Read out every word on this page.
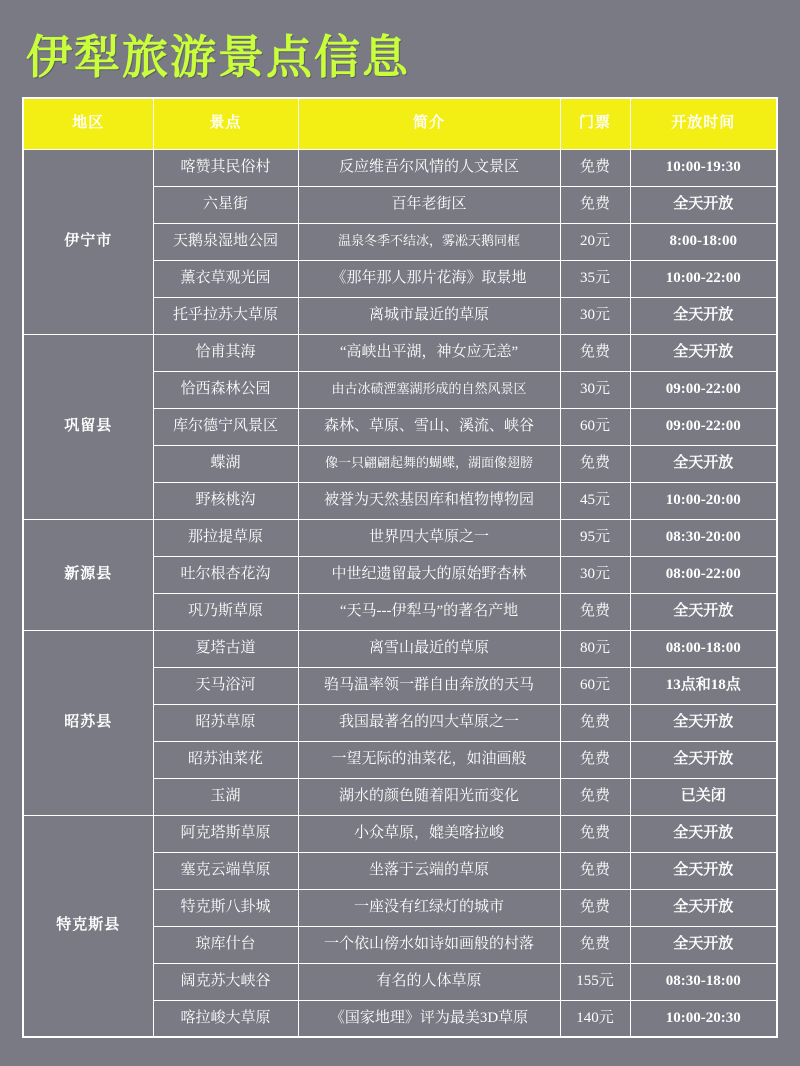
伊犁旅游景点信息
地区	景点	简介	门票	开放时间
伊宁市	喀赞其民俗村	反应维吾尔风情的人文景区	免费	10:00-19:30
	六星街	百年老街区	免费	全天开放
	天鹅泉湿地公园	温泉冬季不结冰，雾凇天鹅同框	20元	8:00-18:00
	薰衣草观光园	《那年那人那片花海》取景地	35元	10:00-22:00
	托乎拉苏大草原	离城市最近的草原	30元	全天开放
巩留县	恰甫其海	“高峡出平湖，神女应无恙”	免费	全天开放
	恰西森林公园	由古冰碛湮塞湖形成的自然风景区	30元	09:00-22:00
	库尔德宁风景区	森林、草原、雪山、溪流、峡谷	60元	09:00-22:00
	蝶湖	像一只翩翩起舞的蝴蝶，湖面像翅膀	免费	全天开放
	野核桃沟	被誉为天然基因库和植物博物园	45元	10:00-20:00
新源县	那拉提草原	世界四大草原之一	95元	08:30-20:00
	吐尔根杏花沟	中世纪遗留最大的原始野杏林	30元	08:00-22:00
	巩乃斯草原	“天马---伊犁马”的著名产地	免费	全天开放
昭苏县	夏塔古道	离雪山最近的草原	80元	08:00-18:00
	天马浴河	驺马温率领一群自由奔放的天马	60元	13点和18点
	昭苏草原	我国最著名的四大草原之一	免费	全天开放
	昭苏油菜花	一望无际的油菜花，如油画般	免费	全天开放
	玉湖	湖水的颜色随着阳光而变化	免费	已关闭
特克斯县	阿克塔斯草原	小众草原，媲美喀拉峻	免费	全天开放
	塞克云端草原	坐落于云端的草原	免费	全天开放
	特克斯八卦城	一座没有红绿灯的城市	免费	全天开放
	琼库什台	一个依山傍水如诗如画般的村落	免费	全天开放
	阔克苏大峡谷	有名的人体草原	155元	08:30-18:00
	喀拉峻大草原	《国家地理》评为最美3D草原	140元	10:00-20:30
